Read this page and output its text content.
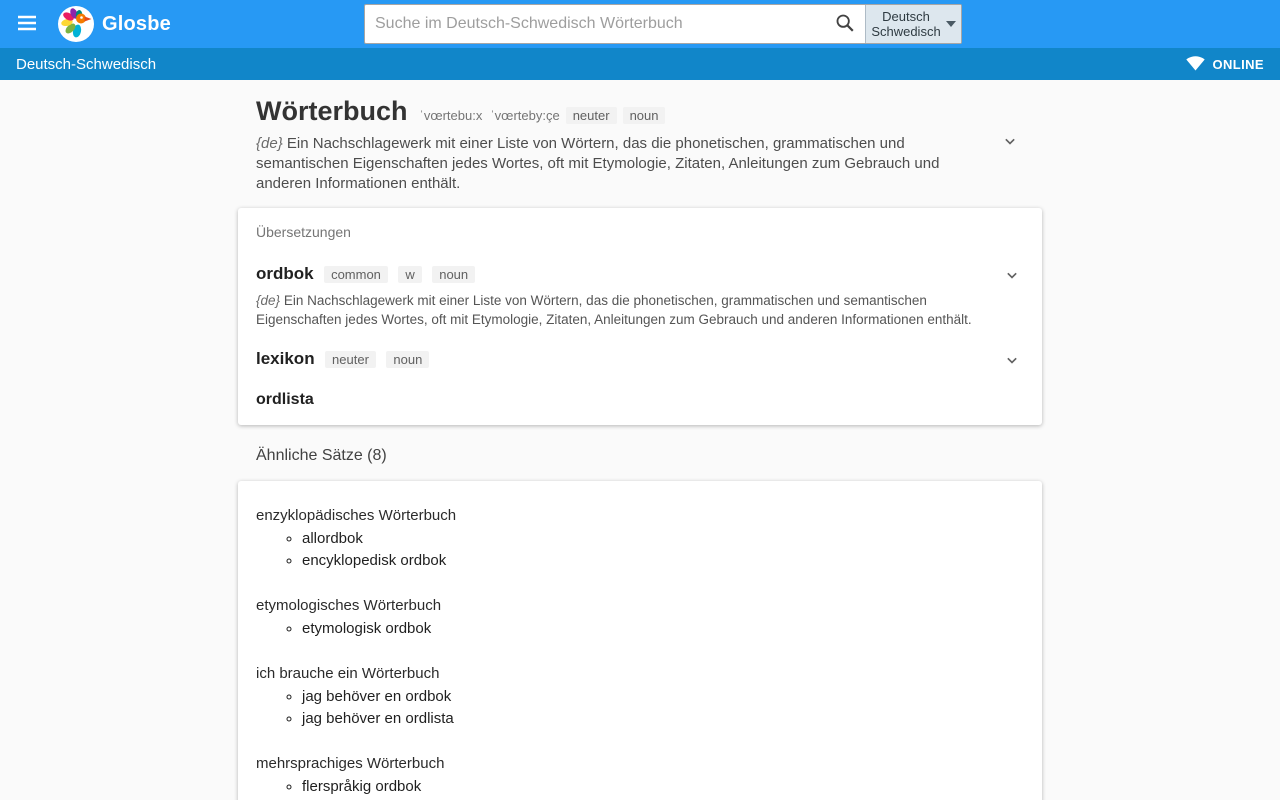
Glosbe
Suche im Deutsch-Schwedisch Wörterbuch	Deutsch
Schwedisch
Deutsch-Schwedisch	ONLINE
Wörterbuch ˈvœrtebu:x ˈvœrteby:çe	neuter	noun

{de} Ein Nachschlagewerk mit einer Liste von Wörtern, das die phonetischen, grammatischen und semantischen Eigenschaften jedes Wortes, oft mit Etymologie, Zitaten, Anleitungen zum Gebrauch und anderen Informationen enthält.

Übersetzungen
ordbok common w noun

{de} Ein Nachschlagewerk mit einer Liste von Wörtern, das die phonetischen, grammatischen und semantischen Eigenschaften jedes Wortes, oft mit Etymologie, Zitaten, Anleitungen zum Gebrauch und anderen Informationen enthält.

lexikon neuter noun
ordlista
Ähnliche Sätze (8)
enzyklopädisches Wörterbuch
◦ allordbok
◦ encyklopedisk ordbok
etymologisches Wörterbuch
◦ etymologisk ordbok
ich brauche ein Wörterbuch
◦ jag behöver en ordbok
◦ jag behöver en ordlista
mehrsprachiges Wörterbuch
◦ flerspråkig ordbok
